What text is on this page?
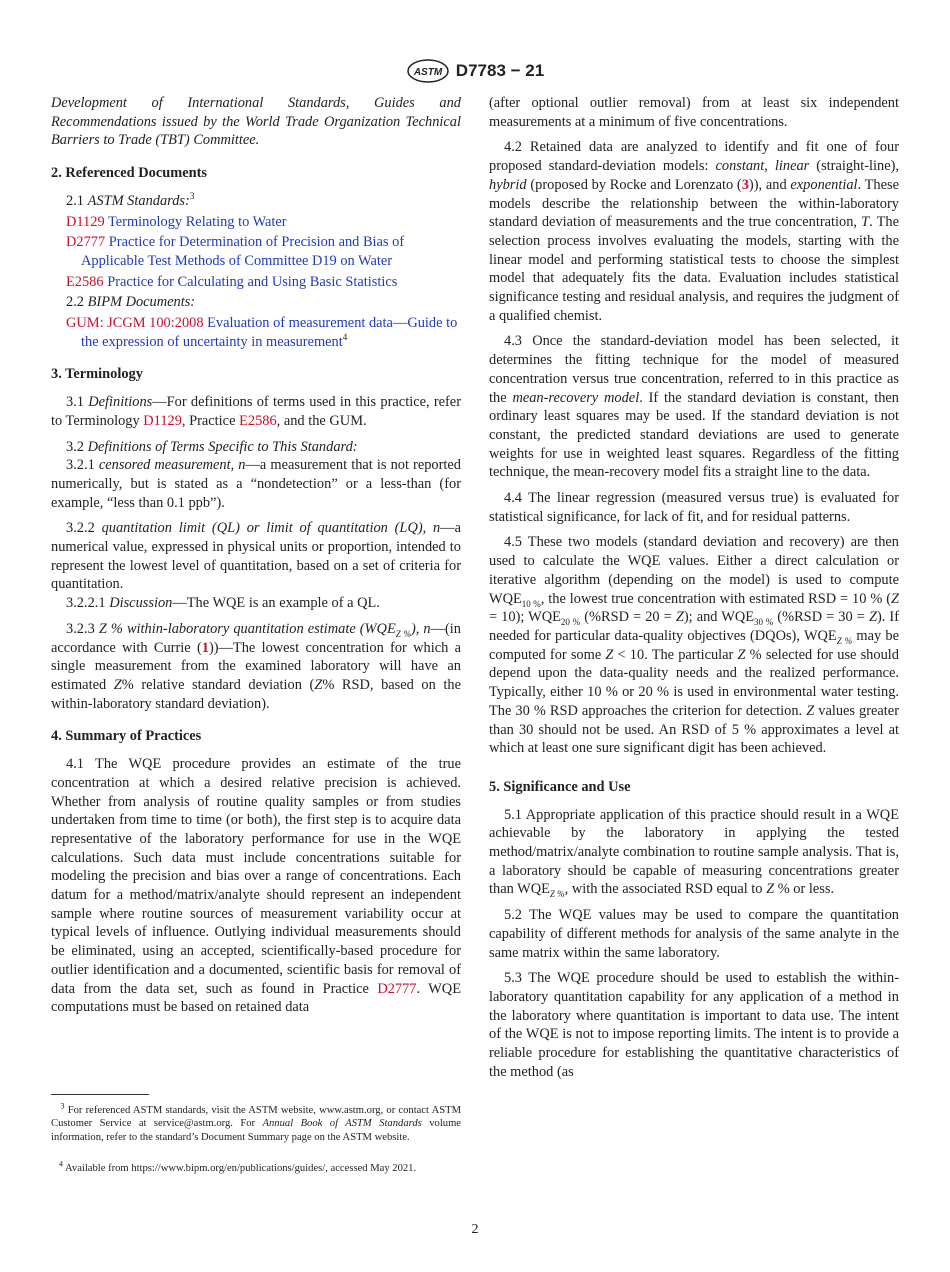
ASTM D7783 − 21

Development of International Standards, Guides and Recommendations issued by the World Trade Organization Technical Barriers to Trade (TBT) Committee.

2. Referenced Documents

2.1 ASTM Standards:$^3$

D1129 Terminology Relating to Water

D2777 Practice for Determination of Precision and Bias of Applicable Test Methods of Committee D19 on Water

E2586 Practice for Calculating and Using Basic Statistics

2.2 BIPM Documents:

GUM: JCGM 100:2008 Evaluation of measurement data—Guide to the expression of uncertainty in measurement$^4$

3. Terminology

3.1 Definitions—For definitions of terms used in this practice, refer to Terminology D1129, Practice E2586, and the GUM.

3.2 Definitions of Terms Specific to This Standard:

3.2.1 censored measurement, n—a measurement that is not reported numerically, but is stated as a “nondetection” or a less-than (for example, “less than 0.1 ppb”).

3.2.2 quantitation limit (QL) or limit of quantitation (LQ), n—a numerical value, expressed in physical units or proportion, intended to represent the lowest level of quantitation, based on a set of criteria for quantitation.

3.2.2.1 Discussion—The WQE is an example of a QL.

3.2.3 Z % within-laboratory quantitation estimate $(WQE_{Z \%})$, n—(in accordance with Currie (1))—The lowest concentration for which a single measurement from the examined laboratory will have an estimated Z% relative standard deviation (Z% RSD, based on the within-laboratory standard deviation).

4. Summary of Practices

4.1 The WQE procedure provides an estimate of the true concentration at which a desired relative precision is achieved. Whether from analysis of routine quality samples or from studies undertaken from time to time (or both), the first step is to acquire data representative of the laboratory performance for use in the WQE calculations. Such data must include concentrations suitable for modeling the precision and bias over a range of concentrations. Each datum for a method/matrix/analyte should represent an independent sample where routine sources of measurement variability occur at typical levels of influence. Outlying individual measurements should be eliminated, using an accepted, scientifically-based procedure for outlier identification and a documented, scientific basis for removal of data from the data set, such as found in Practice D2777. WQE computations must be based on retained data

$^3$ For referenced ASTM standards, visit the ASTM website, www.astm.org, or contact ASTM Customer Service at service@astm.org. For Annual Book of ASTM Standards volume information, refer to the standard’s Document Summary page on the ASTM website.
$^4$ Available from https://www.bipm.org/en/publications/guides/, accessed May 2021.

(after optional outlier removal) from at least six independent measurements at a minimum of five concentrations.

4.2 Retained data are analyzed to identify and fit one of four proposed standard-deviation models: constant, linear (straight-line), hybrid (proposed by Rocke and Lorenzato (3)), and exponential. These models describe the relationship between the within-laboratory standard deviation of measurements and the true concentration, T. The selection process involves evaluating the models, starting with the linear model and performing statistical tests to choose the simplest model that adequately fits the data. Evaluation includes statistical significance testing and residual analysis, and requires the judgment of a qualified chemist.

4.3 Once the standard-deviation model has been selected, it determines the fitting technique for the model of measured concentration versus true concentration, referred to in this practice as the mean-recovery model. If the standard deviation is constant, then ordinary least squares may be used. If the standard deviation is not constant, the predicted standard deviations are used to generate weights for use in weighted least squares. Regardless of the fitting technique, the mean-recovery model fits a straight line to the data.

4.4 The linear regression (measured versus true) is evaluated for statistical significance, for lack of fit, and for residual patterns.

4.5 These two models (standard deviation and recovery) are then used to calculate the WQE values. Either a direct calculation or iterative algorithm (depending on the model) is used to compute $WQE_{10 \%}$, the lowest true concentration with estimated RSD = 10 % (Z = 10); $WQE_{20 \%}$ (%RSD = 20 = Z); and $WQE_{30 \%}$ (%RSD = 30 = Z). If needed for particular data-quality objectives (DQOs), $WQE_{Z \%}$ may be computed for some Z < 10. The particular Z % selected for use should depend upon the data-quality needs and the realized performance. Typically, either 10 % or 20 % is used in environmental water testing. The 30 % RSD approaches the criterion for detection. Z values greater than 30 should not be used. An RSD of 5 % approximates a level at which at least one sure significant digit has been achieved.

5. Significance and Use

5.1 Appropriate application of this practice should result in a WQE achievable by the laboratory in applying the tested method/matrix/analyte combination to routine sample analysis. That is, a laboratory should be capable of measuring concentrations greater than $WQE_{Z \%}$, with the associated RSD equal to Z % or less.

5.2 The WQE values may be used to compare the quantitation capability of different methods for analysis of the same analyte in the same matrix within the same laboratory.

5.3 The WQE procedure should be used to establish the within-laboratory quantitation capability for any application of a method in the laboratory where quantitation is important to data use. The intent of the WQE is not to impose reporting limits. The intent is to provide a reliable procedure for establishing the quantitative characteristics of the method (as

2
